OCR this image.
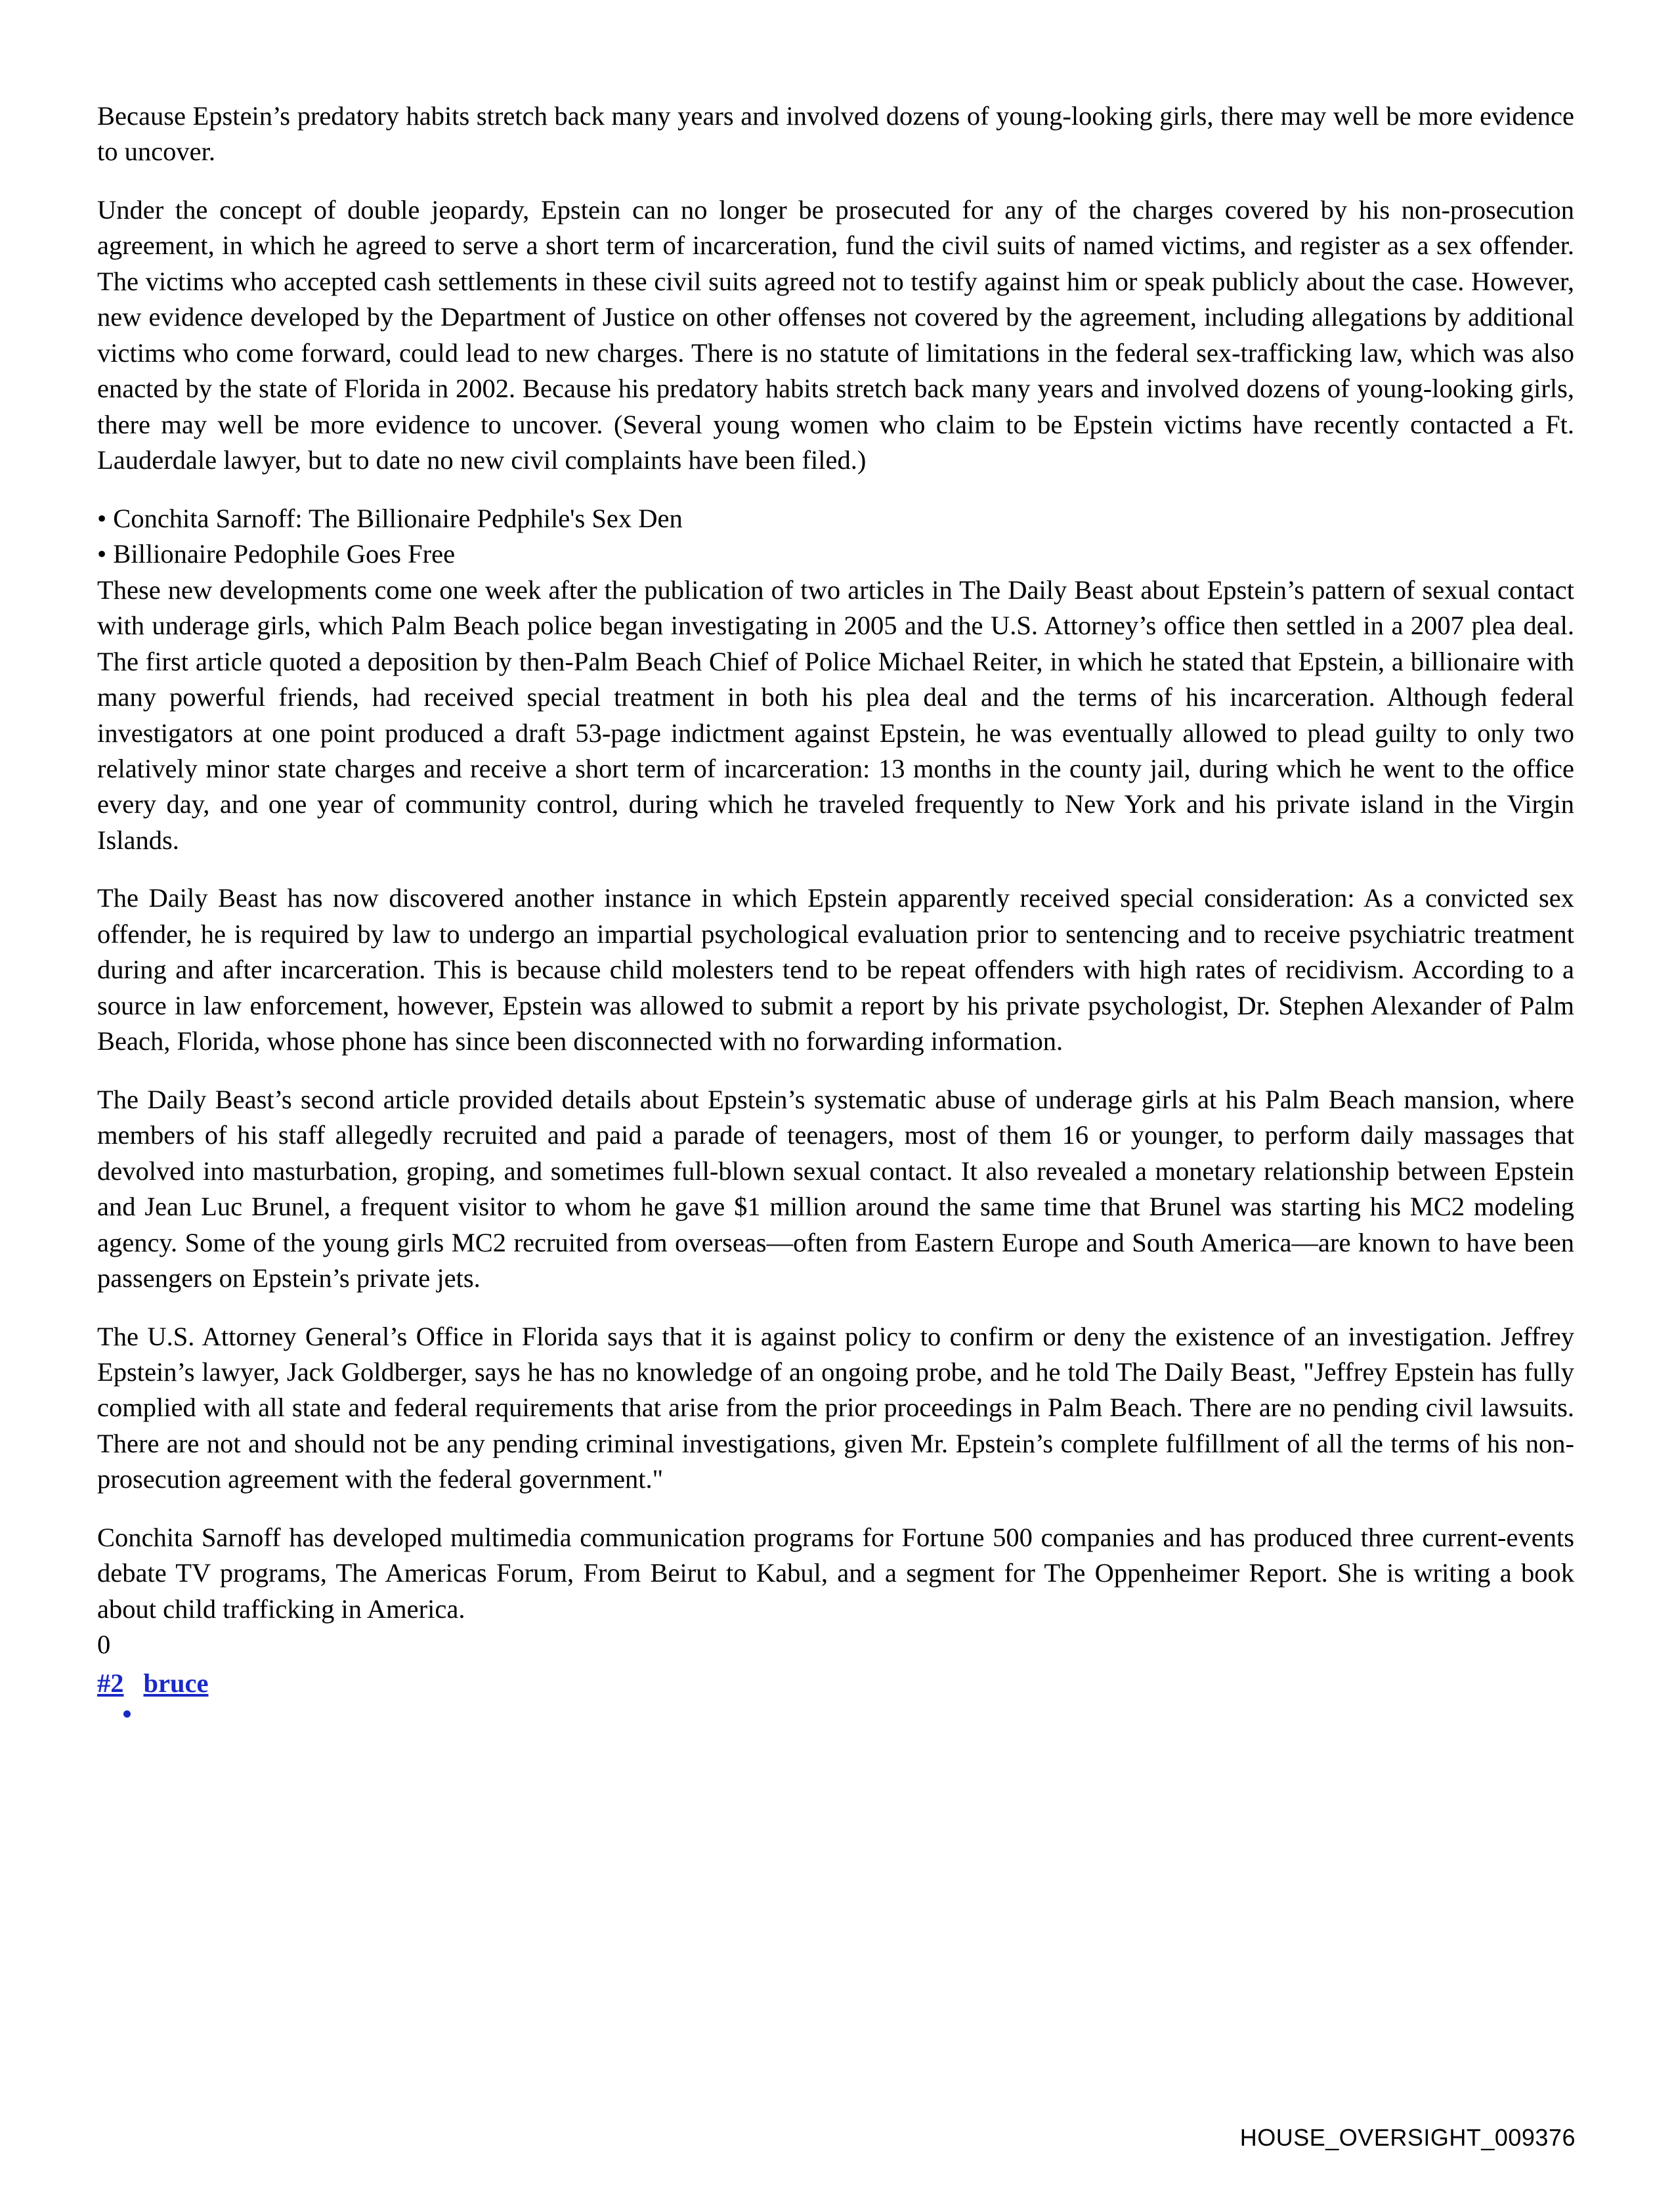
Because Epstein’s predatory habits stretch back many years and involved dozens of young-looking girls, there may well be more evidence to uncover.

Under the concept of double jeopardy, Epstein can no longer be prosecuted for any of the charges covered by his non-prosecution agreement, in which he agreed to serve a short term of incarceration, fund the civil suits of named victims, and register as a sex offender. The victims who accepted cash settlements in these civil suits agreed not to testify against him or speak publicly about the case. However, new evidence developed by the Department of Justice on other offenses not covered by the agreement, including allegations by additional victims who come forward, could lead to new charges. There is no statute of limitations in the federal sex-trafficking law, which was also enacted by the state of Florida in 2002. Because his predatory habits stretch back many years and involved dozens of young-looking girls, there may well be more evidence to uncover. (Several young women who claim to be Epstein victims have recently contacted a Ft. Lauderdale lawyer, but to date no new civil complaints have been filed.)

• Conchita Sarnoff: The Billionaire Pedphile's Sex Den

• Billionaire Pedophile Goes Free

These new developments come one week after the publication of two articles in The Daily Beast about Epstein’s pattern of sexual contact with underage girls, which Palm Beach police began investigating in 2005 and the U.S. Attorney’s office then settled in a 2007 plea deal. The first article quoted a deposition by then-Palm Beach Chief of Police Michael Reiter, in which he stated that Epstein, a billionaire with many powerful friends, had received special treatment in both his plea deal and the terms of his incarceration. Although federal investigators at one point produced a draft 53-page indictment against Epstein, he was eventually allowed to plead guilty to only two relatively minor state charges and receive a short term of incarceration: 13 months in the county jail, during which he went to the office every day, and one year of community control, during which he traveled frequently to New York and his private island in the Virgin Islands.

The Daily Beast has now discovered another instance in which Epstein apparently received special consideration: As a convicted sex offender, he is required by law to undergo an impartial psychological evaluation prior to sentencing and to receive psychiatric treatment during and after incarceration. This is because child molesters tend to be repeat offenders with high rates of recidivism. According to a source in law enforcement, however, Epstein was allowed to submit a report by his private psychologist, Dr. Stephen Alexander of Palm Beach, Florida, whose phone has since been disconnected with no forwarding information.

The Daily Beast’s second article provided details about Epstein’s systematic abuse of underage girls at his Palm Beach mansion, where members of his staff allegedly recruited and paid a parade of teenagers, most of them 16 or younger, to perform daily massages that devolved into masturbation, groping, and sometimes full-blown sexual contact. It also revealed a monetary relationship between Epstein and Jean Luc Brunel, a frequent visitor to whom he gave $1 million around the same time that Brunel was starting his MC2 modeling agency. Some of the young girls MC2 recruited from overseas—often from Eastern Europe and South America—are known to have been passengers on Epstein’s private jets.

The U.S. Attorney General’s Office in Florida says that it is against policy to confirm or deny the existence of an investigation. Jeffrey Epstein’s lawyer, Jack Goldberger, says he has no knowledge of an ongoing probe, and he told The Daily Beast, "Jeffrey Epstein has fully complied with all state and federal requirements that arise from the prior proceedings in Palm Beach. There are no pending civil lawsuits. There are not and should not be any pending criminal investigations, given Mr. Epstein’s complete fulfillment of all the terms of his non-prosecution agreement with the federal government."

Conchita Sarnoff has developed multimedia communication programs for Fortune 500 companies and has produced three current-events debate TV programs, The Americas Forum, From Beirut to Kabul, and a segment for The Oppenheimer Report. She is writing a book about child trafficking in America.

0

#2 bruce

HOUSE_OVERSIGHT_009376
